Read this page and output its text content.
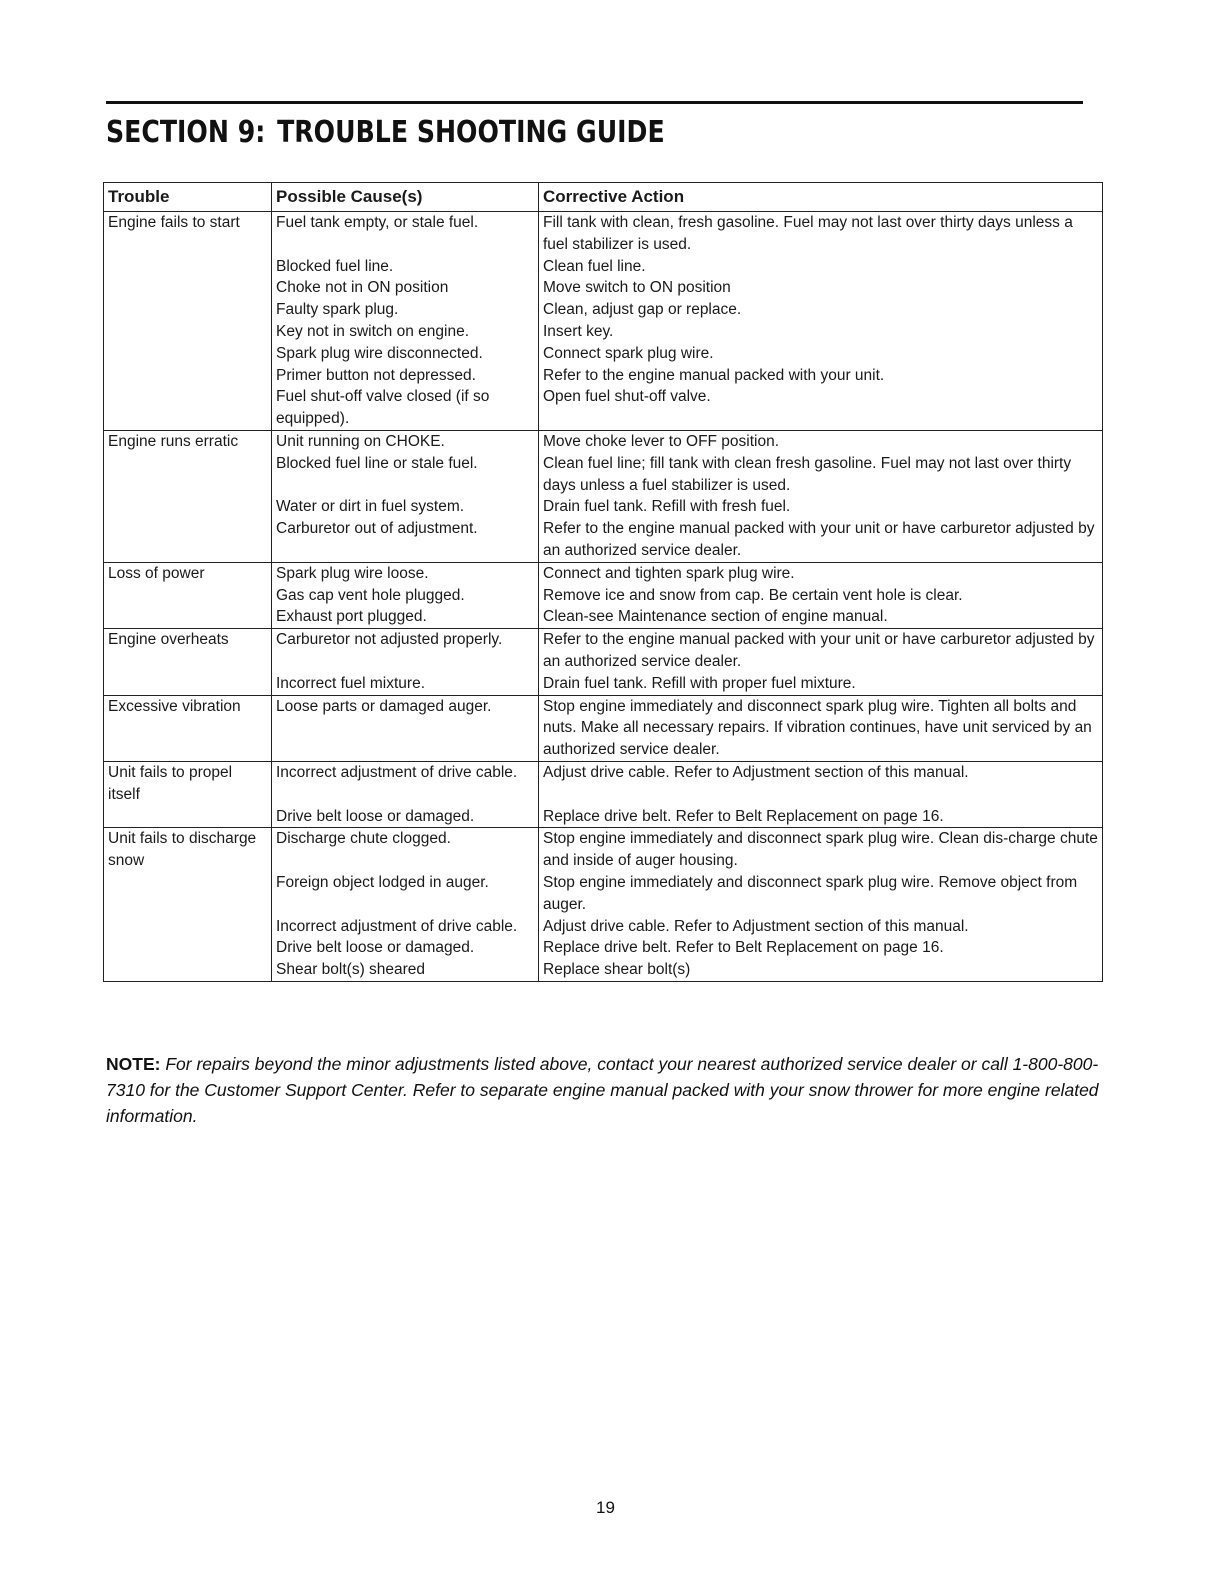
SECTION 9: TROUBLE SHOOTING GUIDE
Trouble	Possible Cause(s)	Corrective Action
Engine fails to start	Fuel tank empty, or stale fuel.	Fill tank with clean, fresh gasoline. Fuel may not last over thirty days unless a fuel stabilizer is used.
	Blocked fuel line.	Clean fuel line.
	Choke not in ON position	Move switch to ON position
	Faulty spark plug.	Clean, adjust gap or replace.
	Key not in switch on engine.	Insert key.
	Spark plug wire disconnected.	Connect spark plug wire.
	Primer button not depressed.	Refer to the engine manual packed with your unit.
	Fuel shut-off valve closed (if so equipped).	Open fuel shut-off valve.
Engine runs erratic	Unit running on CHOKE.	Move choke lever to OFF position.
	Blocked fuel line or stale fuel.	Clean fuel line; fill tank with clean fresh gasoline. Fuel may not last over thirty days unless a fuel stabilizer is used.
	Water or dirt in fuel system.	Drain fuel tank. Refill with fresh fuel.
	Carburetor out of adjustment.	Refer to the engine manual packed with your unit or have carburetor adjusted by an authorized service dealer.
Loss of power	Spark plug wire loose.	Connect and tighten spark plug wire.
	Gas cap vent hole plugged.	Remove ice and snow from cap. Be certain vent hole is clear.
	Exhaust port plugged.	Clean-see Maintenance section of engine manual.
Engine overheats	Carburetor not adjusted properly.	Refer to the engine manual packed with your unit or have carburetor adjusted by an authorized service dealer.
	Incorrect fuel mixture.	Drain fuel tank. Refill with proper fuel mixture.
Excessive vibration	Loose parts or damaged auger.	Stop engine immediately and disconnect spark plug wire. Tighten all bolts and nuts. Make all necessary repairs. If vibration continues, have unit serviced by an authorized service dealer.
Unit fails to propel itself	Incorrect adjustment of drive cable.	Adjust drive cable. Refer to Adjustment section of this manual.
	Drive belt loose or damaged.	Replace drive belt. Refer to Belt Replacement on page 16.
Unit fails to discharge snow	Discharge chute clogged.	Stop engine immediately and disconnect spark plug wire. Clean dis-charge chute and inside of auger housing.
	Foreign object lodged in auger.	Stop engine immediately and disconnect spark plug wire. Remove object from auger.
	Incorrect adjustment of drive cable.	Adjust drive cable. Refer to Adjustment section of this manual.
	Drive belt loose or damaged.	Replace drive belt. Refer to Belt Replacement on page 16.
	Shear bolt(s) sheared	Replace shear bolt(s)

NOTE: For repairs beyond the minor adjustments listed above, contact your nearest authorized service dealer or call 1-800-800-7310 for the Customer Support Center. Refer to separate engine manual packed with your snow thrower for more engine related information.

19
